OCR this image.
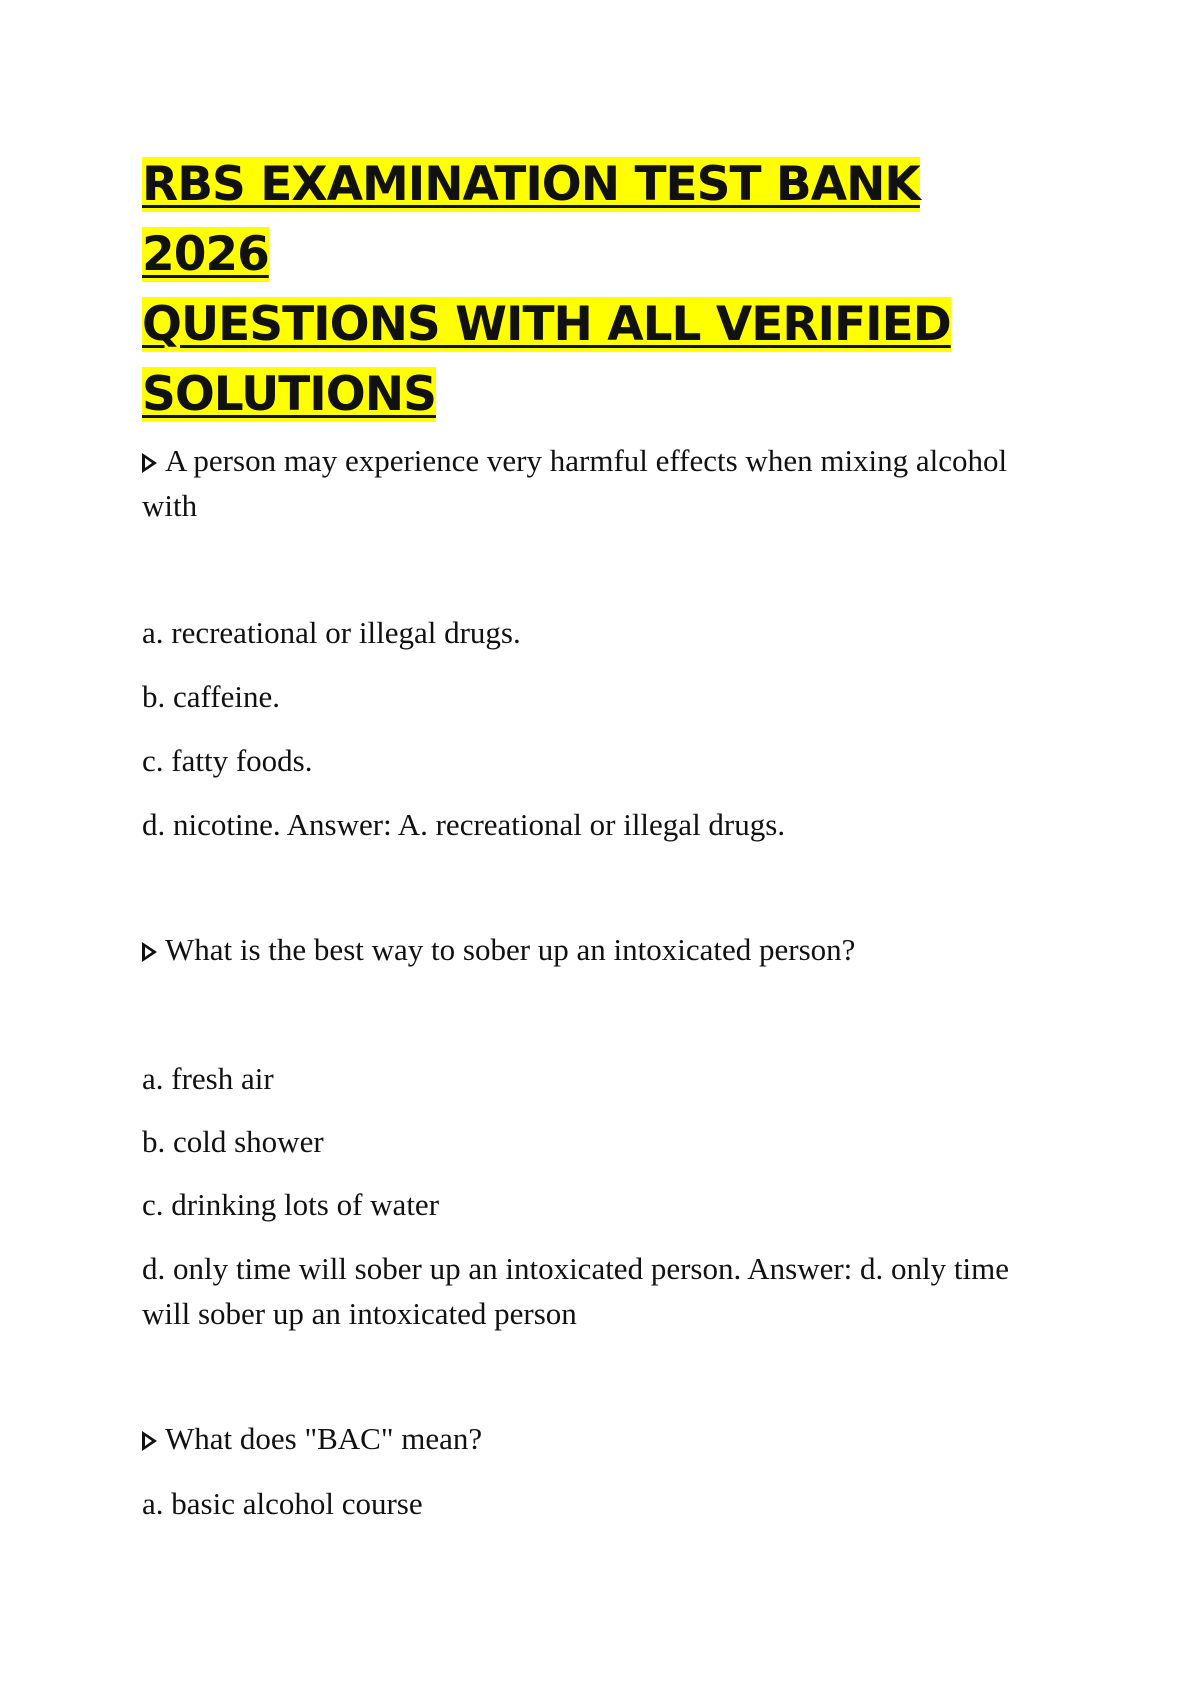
RBS EXAMINATION TEST BANK 2026
QUESTIONS WITH ALL VERIFIED
SOLUTIONS
A person may experience very harmful effects when mixing alcohol with
a. recreational or illegal drugs.
b. caffeine.
c. fatty foods.
d. nicotine. Answer: A. recreational or illegal drugs.
What is the best way to sober up an intoxicated person?
a. fresh air
b. cold shower
c. drinking lots of water
d. only time will sober up an intoxicated person. Answer: d. only time will sober up an intoxicated person
What does "BAC" mean?
a. basic alcohol course
